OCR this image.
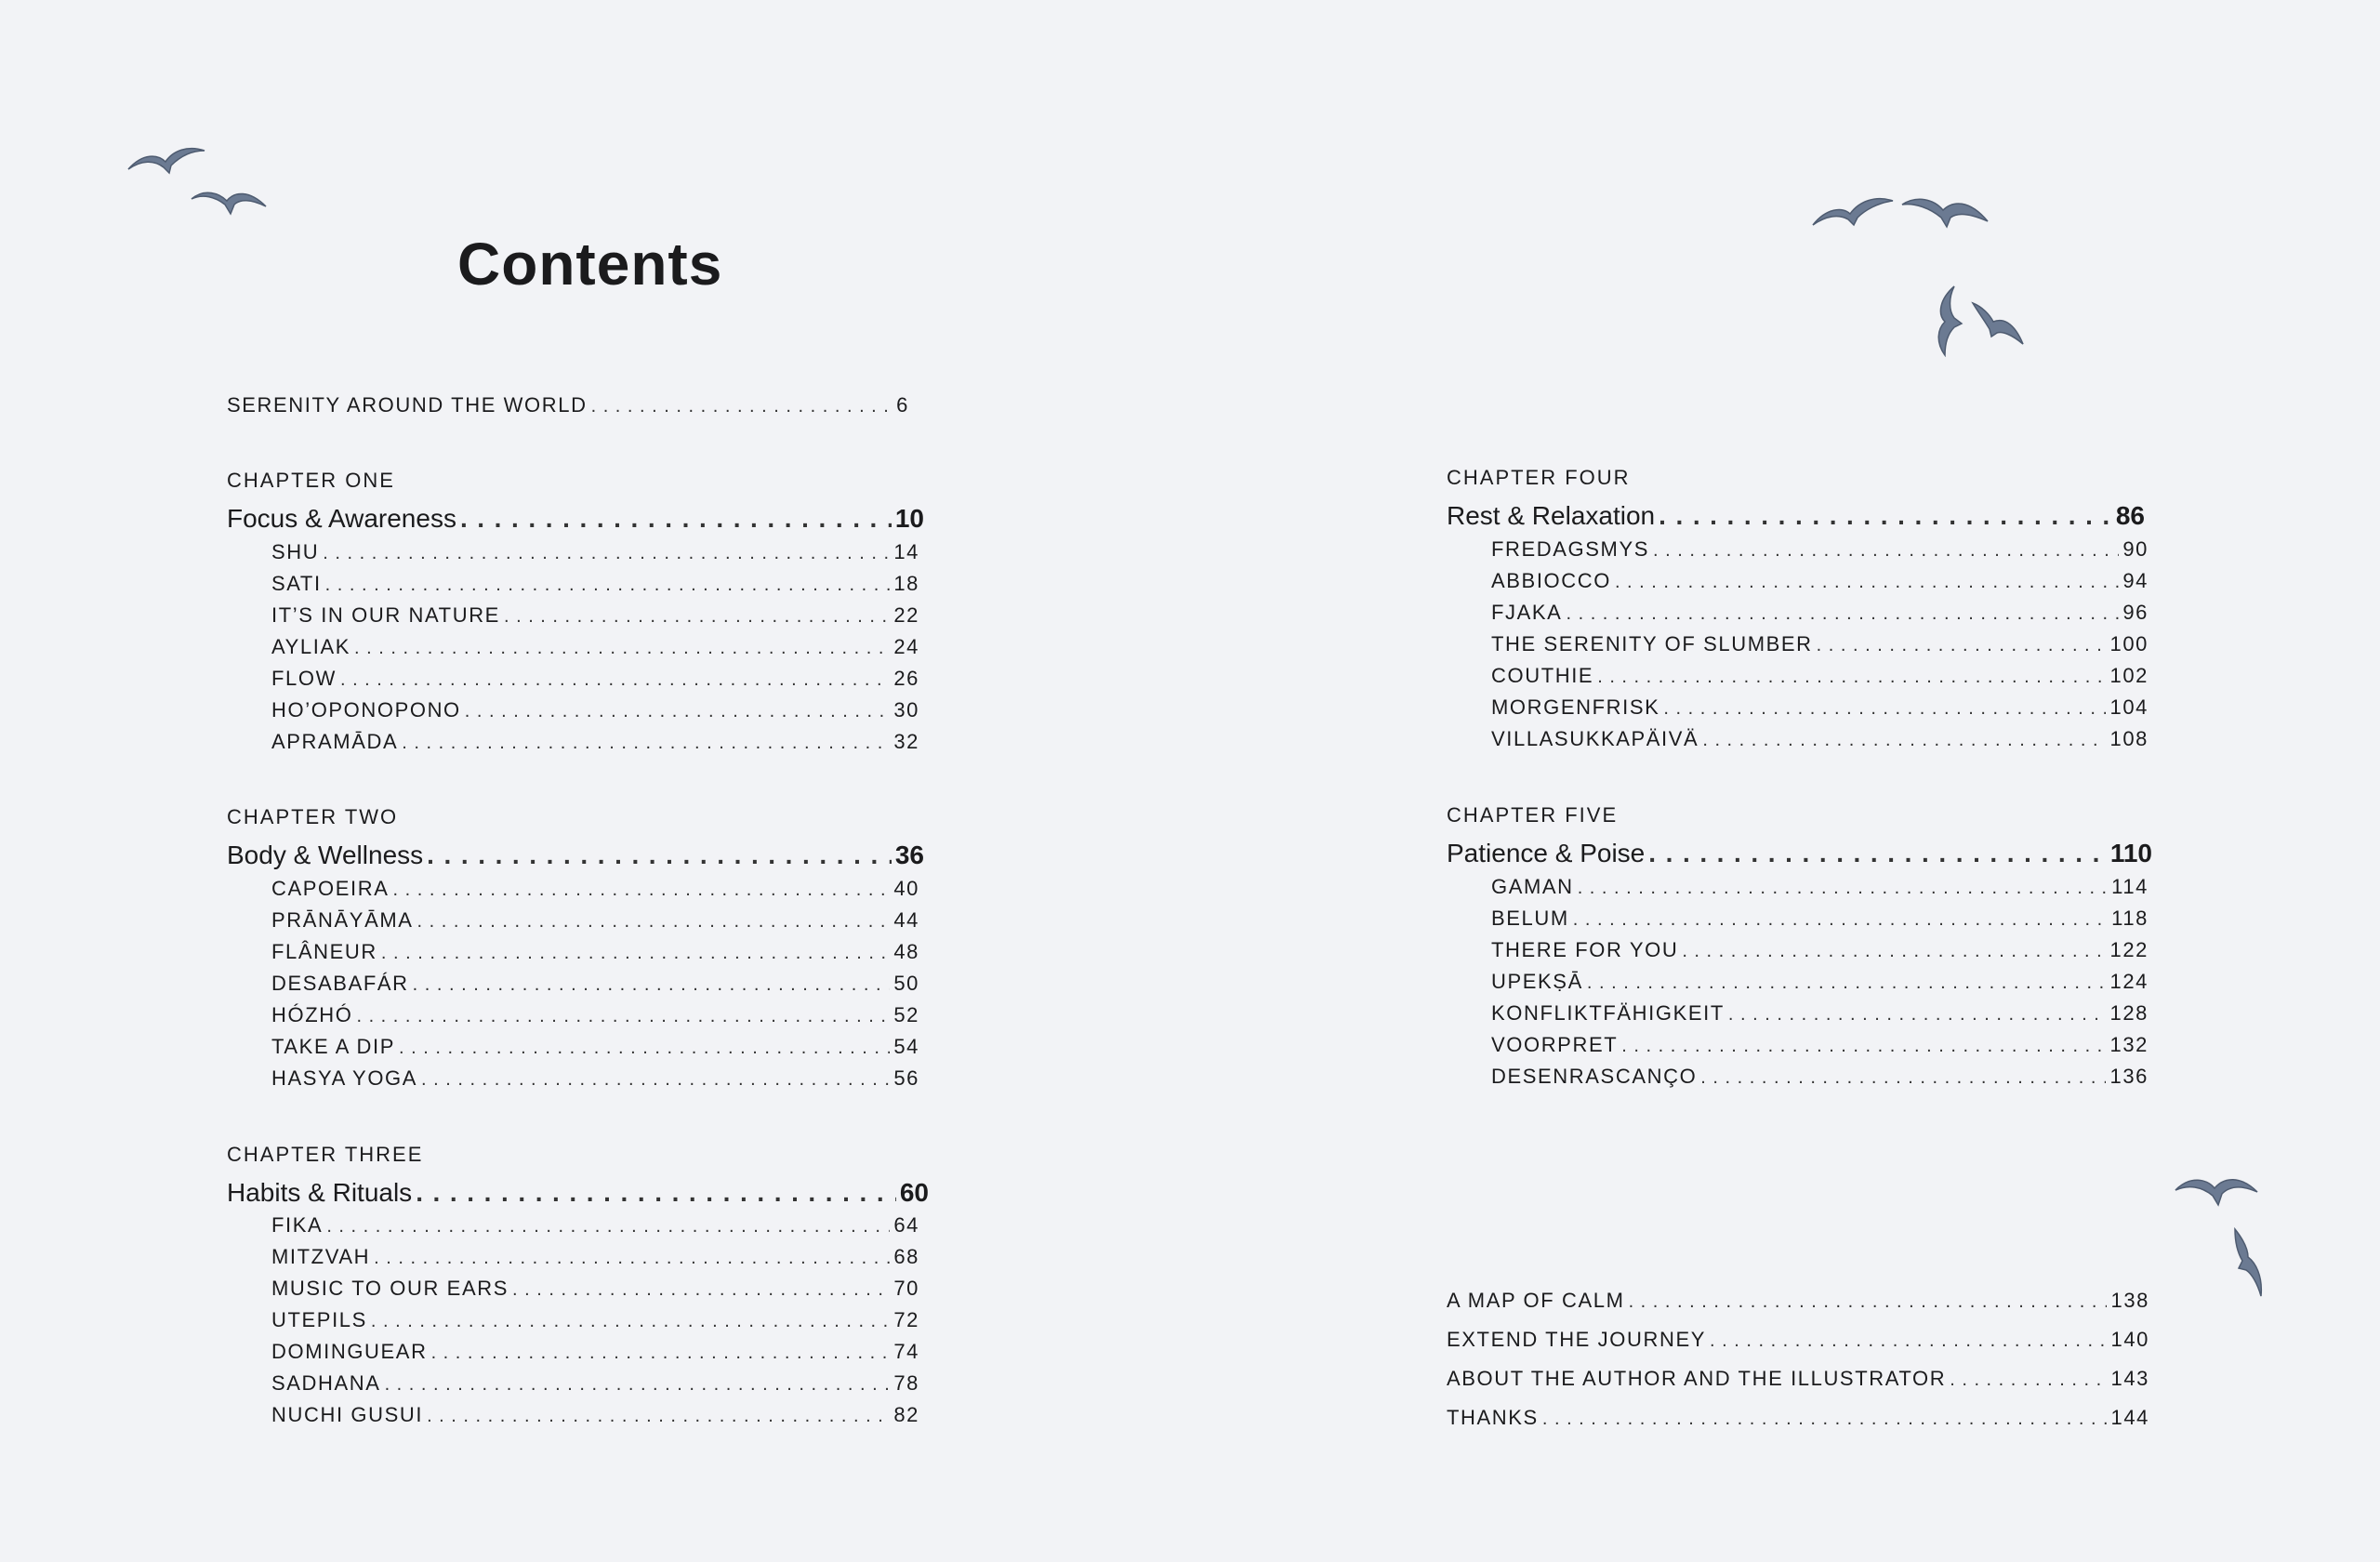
Contents
SERENITY AROUND THE WORLD . . .	6
CHAPTER ONE
Focus & Awareness . . .	10
SHU . . .	14
SATI . . .	18
IT’S IN OUR NATURE . . .	22
AYLIAK . . .	24
FLOW . . .	26
HO’OPONOPONO . . .	30
APRAMĀDA . . .	32
CHAPTER TWO
Body & Wellness . . .	36
CAPOEIRA . . .	40
PRĀNĀYĀMA . . .	44
FLÂNEUR . . .	48
DESABAFÁR . . .	50
HÓZHÓ . . .	52
TAKE A DIP . . .	54
HASYA YOGA . . .	56
CHAPTER THREE
Habits & Rituals . . .	60
FIKA . . .	64
MITZVAH . . .	68
MUSIC TO OUR EARS . . .	70
UTEPILS . . .	72
DOMINGUEAR . . .	74
SADHANA . . .	78
NUCHI GUSUI . . .	82
CHAPTER FOUR
Rest & Relaxation . . .	86
FREDAGSMYS . . .	90
ABBIOCCO . . .	94
FJAKA . . .	96
THE SERENITY OF SLUMBER . . .	100
COUTHIE . . .	102
MORGENFRISK . . .	104
VILLASUKKAPÄIVÄ . . .	108
CHAPTER FIVE
Patience & Poise . . .	110
GAMAN . . .	114
BELUM . . .	118
THERE FOR YOU . . .	122
UPEKṢĀ . . .	124
KONFLIKTFÄHIGKEIT . . .	128
VOORPRET . . .	132
DESENRASCANÇO . . .	136
A MAP OF CALM . . .	138
EXTEND THE JOURNEY . . .	140
ABOUT THE AUTHOR AND THE ILLUSTRATOR . . .	143
THANKS . . .	144
